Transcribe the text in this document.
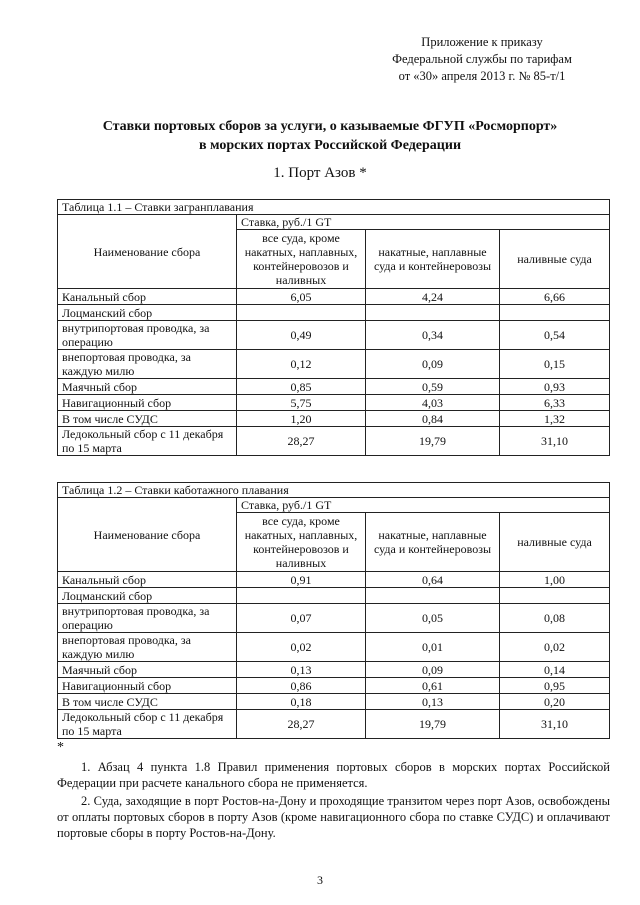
Приложение к приказу
Федеральной службы по тарифам
от «30» апреля 2013 г. № 85-т/1
Ставки портовых сборов за услуги, о казываемые ФГУП «Росморпорт»
в морских портах Российской Федерации
1. Порт Азов *
Таблица 1.1 – Ставки загранплавания			
Наименование сбора	Ставка, руб./1 GT		
	все суда, кроме накатных, наплавных, контейнеровозов и наливных	накатные, наплавные суда и контейнеровозы	наливные суда
Канальный сбор	6,05	4,24	6,66
Лоцманский сбор			
внутрипортовая проводка, за операцию	0,49	0,34	0,54
внепортовая проводка, за каждую милю	0,12	0,09	0,15
Маячный сбор	0,85	0,59	0,93
Навигационный сбор	5,75	4,03	6,33
В том числе СУДС	1,20	0,84	1,32
Ледокольный сбор с 11 декабря по 15 марта	28,27	19,79	31,10
Таблица 1.2 – Ставки каботажного плавания			
Наименование сбора	Ставка, руб./1 GT		
	все суда, кроме накатных, наплавных, контейнеровозов и наливных	накатные, наплавные суда и контейнеровозы	наливные суда
Канальный сбор	0,91	0,64	1,00
Лоцманский сбор			
внутрипортовая проводка, за операцию	0,07	0,05	0,08
внепортовая проводка, за каждую милю	0,02	0,01	0,02
Маячный сбор	0,13	0,09	0,14
Навигационный сбор	0,86	0,61	0,95
В том числе СУДС	0,18	0,13	0,20
Ледокольный сбор с 11 декабря по 15 марта	28,27	19,79	31,10
*

1. Абзац 4 пункта 1.8 Правил применения портовых сборов в морских портах Российской Федерации при расчете канального сбора не применяется.

2. Суда, заходящие в порт Ростов-на-Дону и проходящие транзитом через порт Азов, освобождены от оплаты портовых сборов в порту Азов (кроме навигационного сбора по ставке СУДС) и оплачивают портовые сборы в порту Ростов-на-Дону.

3
